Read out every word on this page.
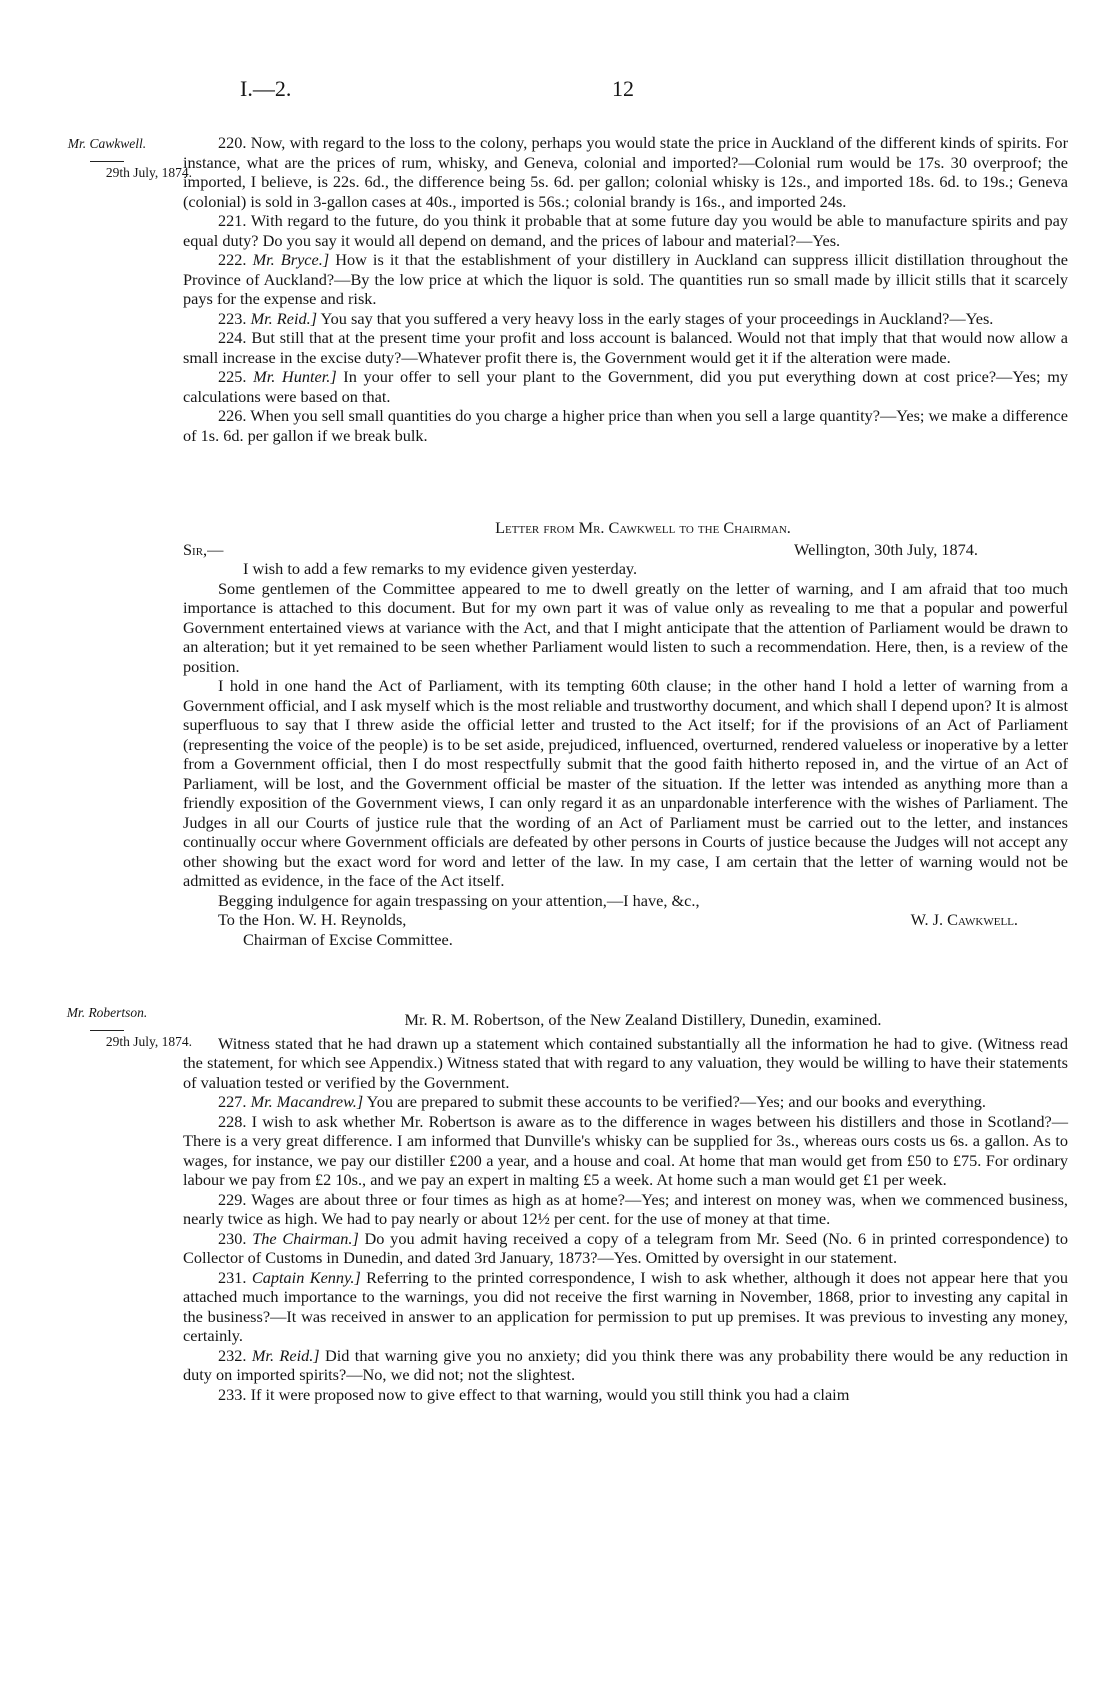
I.—2.	12
Mr. Cawkwell.
29th July, 1874.
Mr. Robertson.
29th July, 1874.

220. Now, with regard to the loss to the colony, perhaps you would state the price in Auckland of the different kinds of spirits. For instance, what are the prices of rum, whisky, and Geneva, colonial and imported?—Colonial rum would be 17s. 30 overproof; the imported, I believe, is 22s. 6d., the difference being 5s. 6d. per gallon; colonial whisky is 12s., and imported 18s. 6d. to 19s.; Geneva (colonial) is sold in 3-gallon cases at 40s., imported is 56s.; colonial brandy is 16s., and imported 24s.

221. With regard to the future, do you think it probable that at some future day you would be able to manufacture spirits and pay equal duty? Do you say it would all depend on demand, and the prices of labour and material?—Yes.

222. Mr. Bryce.] How is it that the establishment of your distillery in Auckland can suppress illicit distillation throughout the Province of Auckland?—By the low price at which the liquor is sold. The quantities run so small made by illicit stills that it scarcely pays for the expense and risk.

223. Mr. Reid.] You say that you suffered a very heavy loss in the early stages of your proceedings in Auckland?—Yes.

224. But still that at the present time your profit and loss account is balanced. Would not that imply that that would now allow a small increase in the excise duty?—Whatever profit there is, the Government would get it if the alteration were made.

225. Mr. Hunter.] In your offer to sell your plant to the Government, did you put everything down at cost price?—Yes; my calculations were based on that.

226. When you sell small quantities do you charge a higher price than when you sell a large quantity?—Yes; we make a difference of 1s. 6d. per gallon if we break bulk.

Letter from Mr. Cawkwell to the Chairman.

Sir,—	Wellington, 30th July, 1874.

I wish to add a few remarks to my evidence given yesterday.

Some gentlemen of the Committee appeared to me to dwell greatly on the letter of warning, and I am afraid that too much importance is attached to this document. But for my own part it was of value only as revealing to me that a popular and powerful Government entertained views at variance with the Act, and that I might anticipate that the attention of Parliament would be drawn to an alteration; but it yet remained to be seen whether Parliament would listen to such a recommendation. Here, then, is a review of the position.

I hold in one hand the Act of Parliament, with its tempting 60th clause; in the other hand I hold a letter of warning from a Government official, and I ask myself which is the most reliable and trustworthy document, and which shall I depend upon? It is almost superfluous to say that I threw aside the official letter and trusted to the Act itself; for if the provisions of an Act of Parliament (representing the voice of the people) is to be set aside, prejudiced, influenced, overturned, rendered valueless or inoperative by a letter from a Government official, then I do most respectfully submit that the good faith hitherto reposed in, and the virtue of an Act of Parliament, will be lost, and the Government official be master of the situation. If the letter was intended as anything more than a friendly exposition of the Government views, I can only regard it as an unpardonable interference with the wishes of Parliament. The Judges in all our Courts of justice rule that the wording of an Act of Parliament must be carried out to the letter, and instances continually occur where Government officials are defeated by other persons in Courts of justice because the Judges will not accept any other showing but the exact word for word and letter of the law. In my case, I am certain that the letter of warning would not be admitted as evidence, in the face of the Act itself.

Begging indulgence for again trespassing on your attention,—I have, &c.,

To the Hon. W. H. Reynolds,	W. J. Cawkwell.

Chairman of Excise Committee.

Mr. R. M. Robertson, of the New Zealand Distillery, Dunedin, examined.

Witness stated that he had drawn up a statement which contained substantially all the information he had to give. (Witness read the statement, for which see Appendix.) Witness stated that with regard to any valuation, they would be willing to have their statements of valuation tested or verified by the Government.

227. Mr. Macandrew.] You are prepared to submit these accounts to be verified?—Yes; and our books and everything.

228. I wish to ask whether Mr. Robertson is aware as to the difference in wages between his distillers and those in Scotland?—There is a very great difference. I am informed that Dunville's whisky can be supplied for 3s., whereas ours costs us 6s. a gallon. As to wages, for instance, we pay our distiller £200 a year, and a house and coal. At home that man would get from £50 to £75. For ordinary labour we pay from £2 10s., and we pay an expert in malting £5 a week. At home such a man would get £1 per week.

229. Wages are about three or four times as high as at home?—Yes; and interest on money was, when we commenced business, nearly twice as high. We had to pay nearly or about 12½ per cent. for the use of money at that time.

230. The Chairman.] Do you admit having received a copy of a telegram from Mr. Seed (No. 6 in printed correspondence) to Collector of Customs in Dunedin, and dated 3rd January, 1873?—Yes. Omitted by oversight in our statement.

231. Captain Kenny.] Referring to the printed correspondence, I wish to ask whether, although it does not appear here that you attached much importance to the warnings, you did not receive the first warning in November, 1868, prior to investing any capital in the business?—It was received in answer to an application for permission to put up premises. It was previous to investing any money, certainly.

232. Mr. Reid.] Did that warning give you no anxiety; did you think there was any probability there would be any reduction in duty on imported spirits?—No, we did not; not the slightest.

233. If it were proposed now to give effect to that warning, would you still think you had a claim
